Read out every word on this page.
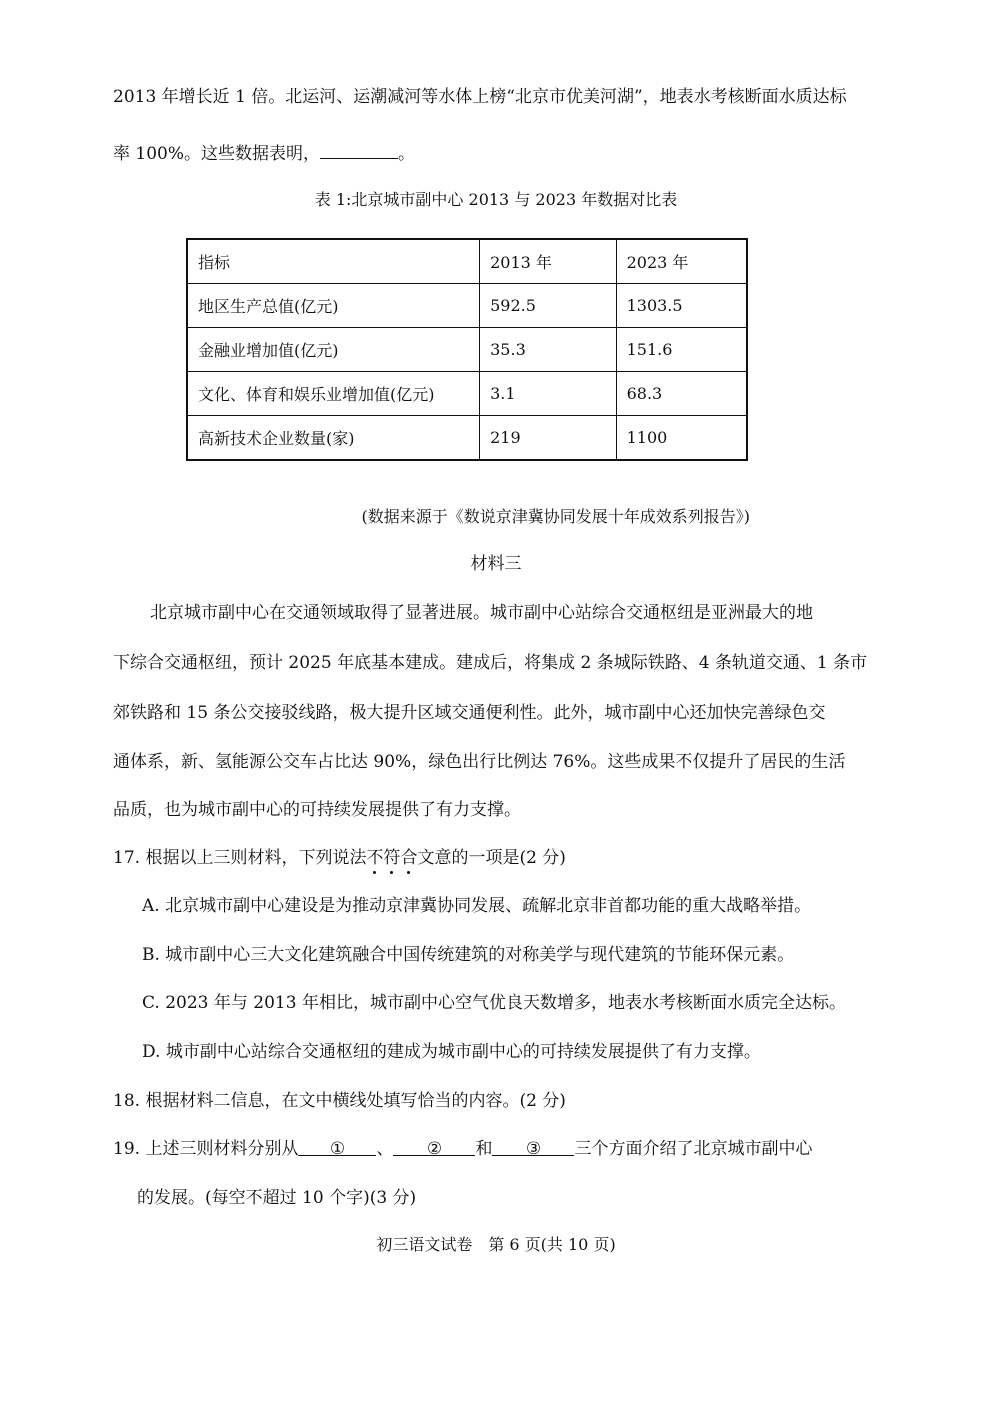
2013 年增长近 1 倍。北运河、运潮减河等水体上榜“北京市优美河湖”，地表水考核断面水质达标
率 100%。这些数据表明，	。
表 1:北京城市副中心 2013 与 2023 年数据对比表
指标	2013 年	2023 年
地区生产总值(亿元)	592.5	1303.5
金融业增加值(亿元)	35.3	151.6
文化、体育和娱乐业增加值(亿元)	3.1	68.3
高新技术企业数量(家)	219	1100
(数据来源于《数说京津冀协同发展十年成效系列报告》)
材料三
北京城市副中心在交通领域取得了显著进展。城市副中心站综合交通枢纽是亚洲最大的地
下综合交通枢纽，预计 2025 年底基本建成。建成后，将集成 2 条城际铁路、4 条轨道交通、1 条市
郊铁路和 15 条公交接驳线路，极大提升区域交通便利性。此外，城市副中心还加快完善绿色交
通体系，新、氢能源公交车占比达 90%，绿色出行比例达 76%。这些成果不仅提升了居民的生活
品质，也为城市副中心的可持续发展提供了有力支撑。
17. 根据以上三则材料，下列说法不符合文意的一项是(2 分)
A. 北京城市副中心建设是为推动京津冀协同发展、疏解北京非首都功能的重大战略举措。
B. 城市副中心三大文化建筑融合中国传统建筑的对称美学与现代建筑的节能环保元素。
C. 2023 年与 2013 年相比，城市副中心空气优良天数增多，地表水考核断面水质完全达标。
D. 城市副中心站综合交通枢纽的建成为城市副中心的可持续发展提供了有力支撑。
18. 根据材料二信息，在文中横线处填写恰当的内容。(2 分)
19. 上述三则材料分别从 ① 、 ② 和 ③ 三个方面介绍了北京城市副中心
的发展。(每空不超过 10 个字)(3 分)
初三语文试卷　第 6 页(共 10 页)
